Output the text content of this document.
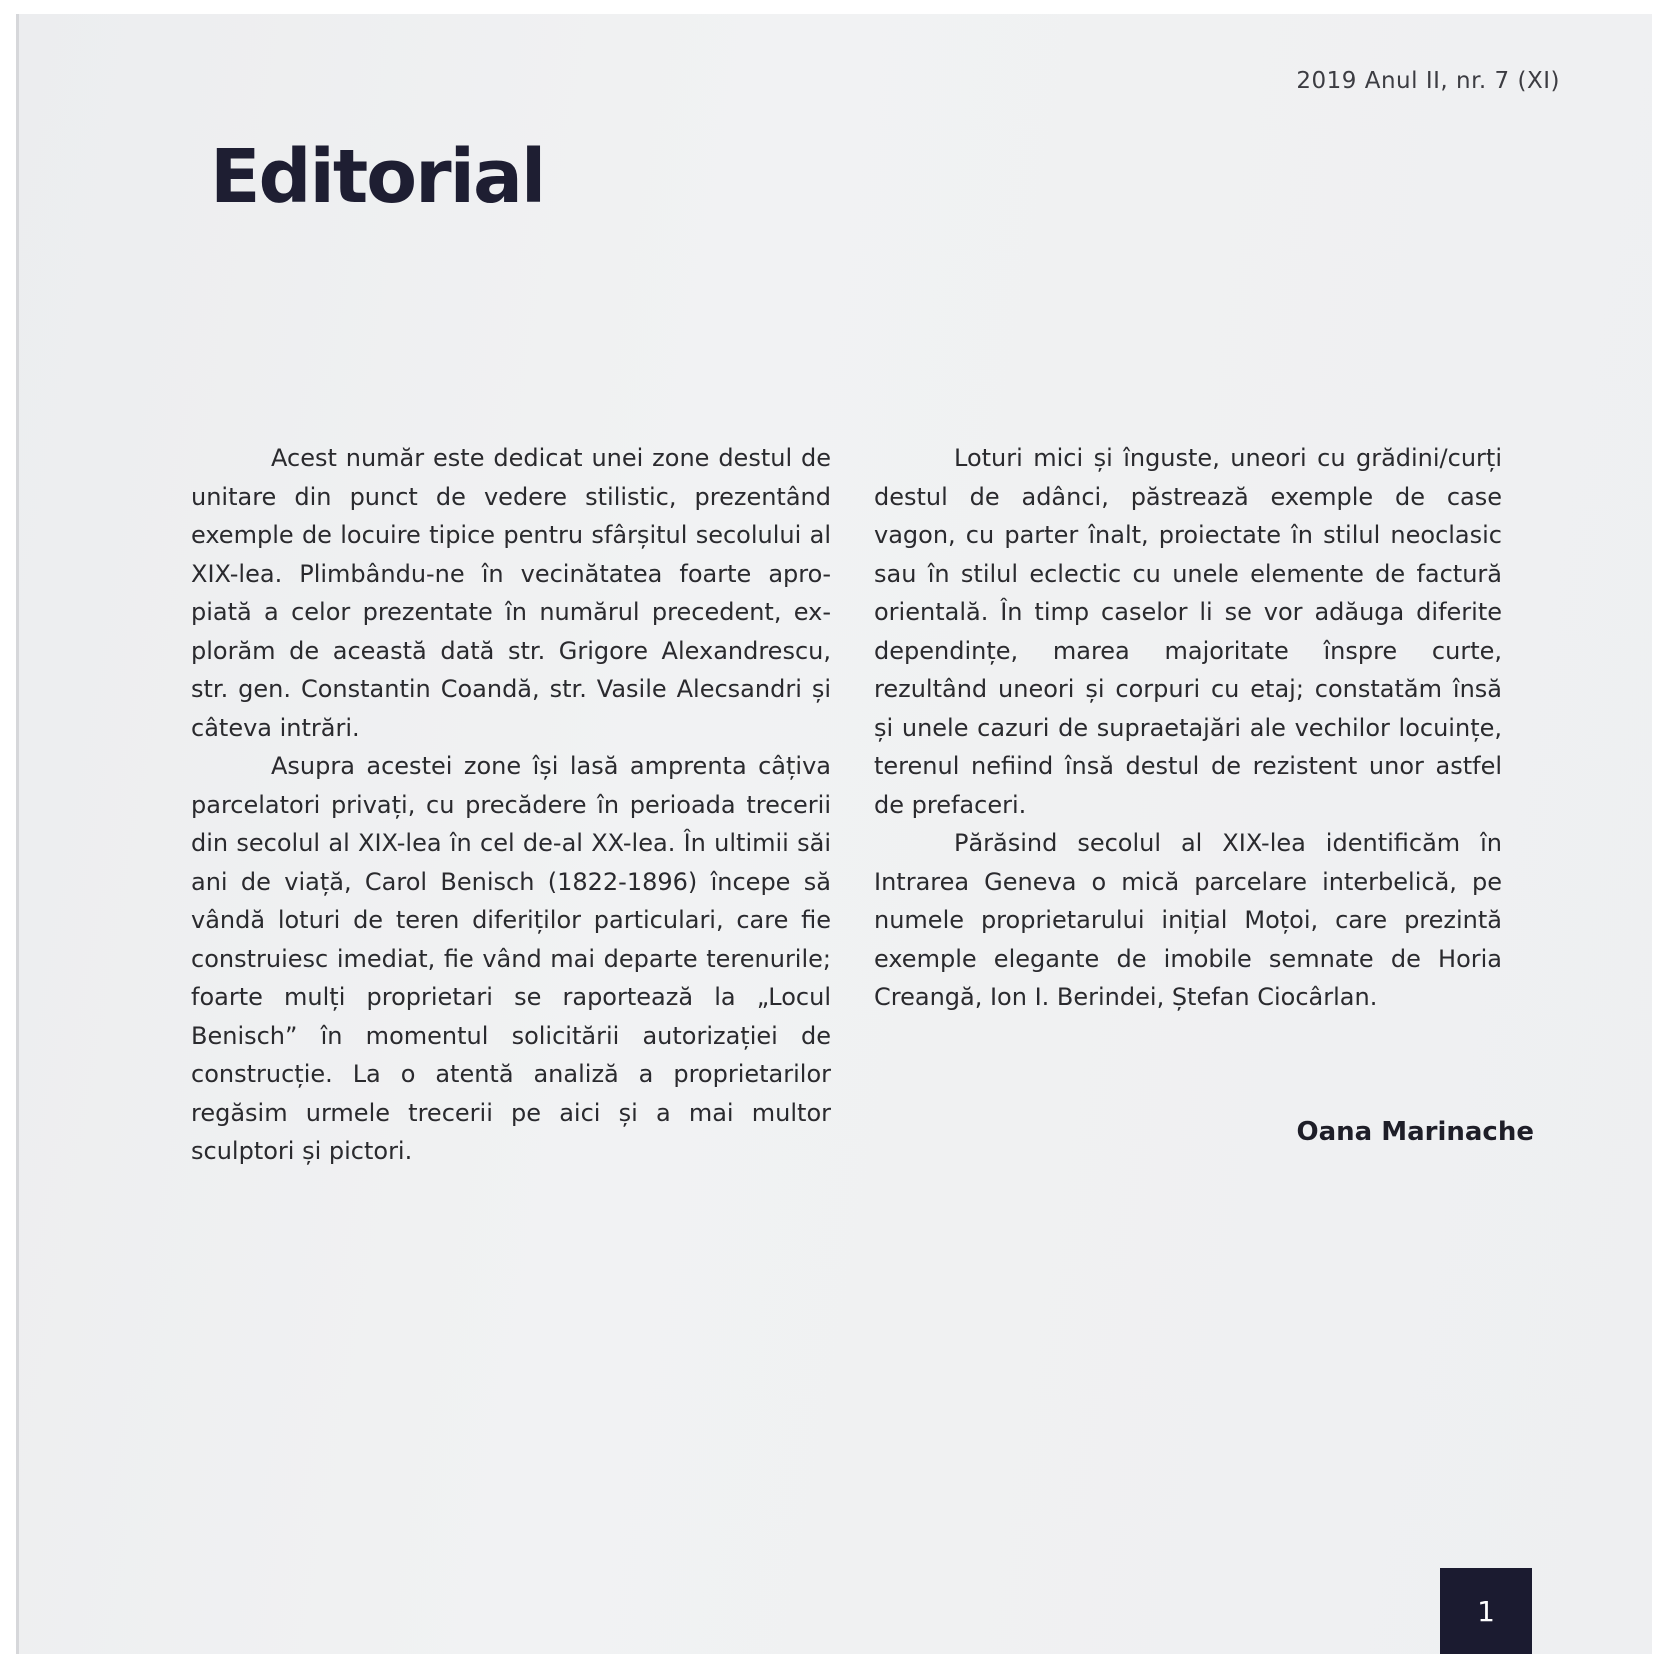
2019 Anul II, nr. 7 (XI)
Editorial

Acest număr este dedicat unei zone destul de unitare din punct de vedere stilistic, prezentând exemple de locuire tipice pentru sfârșitul secolului al XIX-lea. Plimbându-ne în vecinătatea foarte apropiată a celor prezentate în numărul precedent, explorăm de această dată str. Grigore Alexandrescu, str. gen. Constantin Coandă, str. Vasile Alecsandri și câteva intrări.

Asupra acestei zone își lasă amprenta câțiva parcelatori privați, cu precădere în perioada trecerii din secolul al XIX-lea în cel de-al XX-lea. În ultimii săi ani de viață, Carol Benisch (1822-1896) începe să vândă loturi de teren diferiților particulari, care fie construiesc imediat, fie vând mai departe terenurile; foarte mulți proprietari se raportează la „Locul Benisch” în momentul solicitării autorizației de construcție. La o atentă analiză a proprietarilor regăsim urmele trecerii pe aici și a mai multor sculptori și pictori.

Loturi mici și înguste, uneori cu grădini/curți destul de adânci, păstrează exemple de case vagon, cu parter înalt, proiectate în stilul neoclasic sau în stilul eclectic cu unele elemente de factură orientală. În timp caselor li se vor adăuga diferite dependințe, marea majoritate înspre curte, rezultând uneori și corpuri cu etaj; constatăm însă și unele cazuri de supraetajări ale vechilor locuințe, terenul nefiind însă destul de rezistent unor astfel de prefaceri.

Părăsind secolul al XIX-lea identificăm în Intrarea Geneva o mică parcelare interbelică, pe numele proprietarului inițial Moțoi, care prezintă exemple elegante de imobile semnate de Horia Creangă, Ion I. Berindei, Ștefan Ciocârlan.

Oana Marinache
1
